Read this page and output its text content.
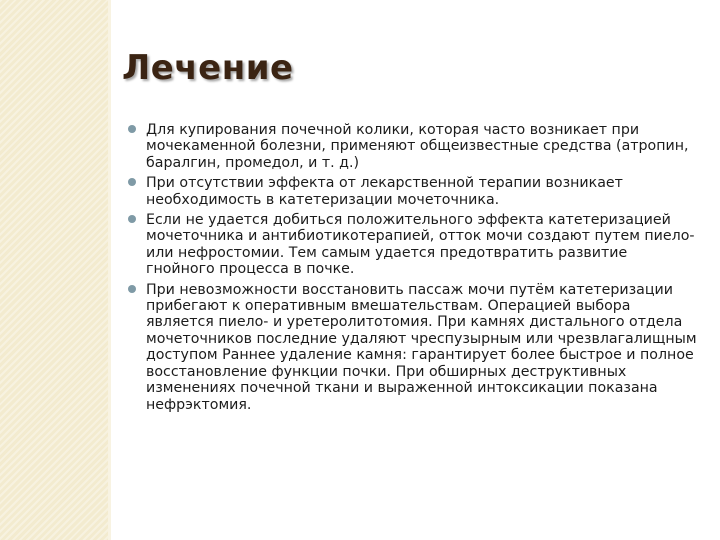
Лечение
Для купирования почечной колики, которая часто возникает при мочекаменной болезни, применяют общеизвестные средства (атропин, баралгин, промедол, и т. д.)
При отсутствии эффекта от лекарственной терапии возникает необходимость в катетеризации мочеточника.
Если не удается добиться положительного эффекта катетеризацией мочеточника и антибиотикотерапией, отток мочи создают путем пиело- или нефростомии. Тем самым удается предотвратить развитие гнойного процесса в почке.
При невозможности восстановить пассаж мочи путём катетеризации прибегают к оперативным вмешательствам. Операцией выбора является пиело- и уретеролитотомия. При камнях дистального отдела мочеточников последние удаляют чреспузырным или чрезвлагалищным доступом Раннее удаление камня: гарантирует более быстрое и полное восстановление функции почки. При обширных деструктивных изменениях почечной ткани и выраженной интоксикации показана нефрэктомия.
